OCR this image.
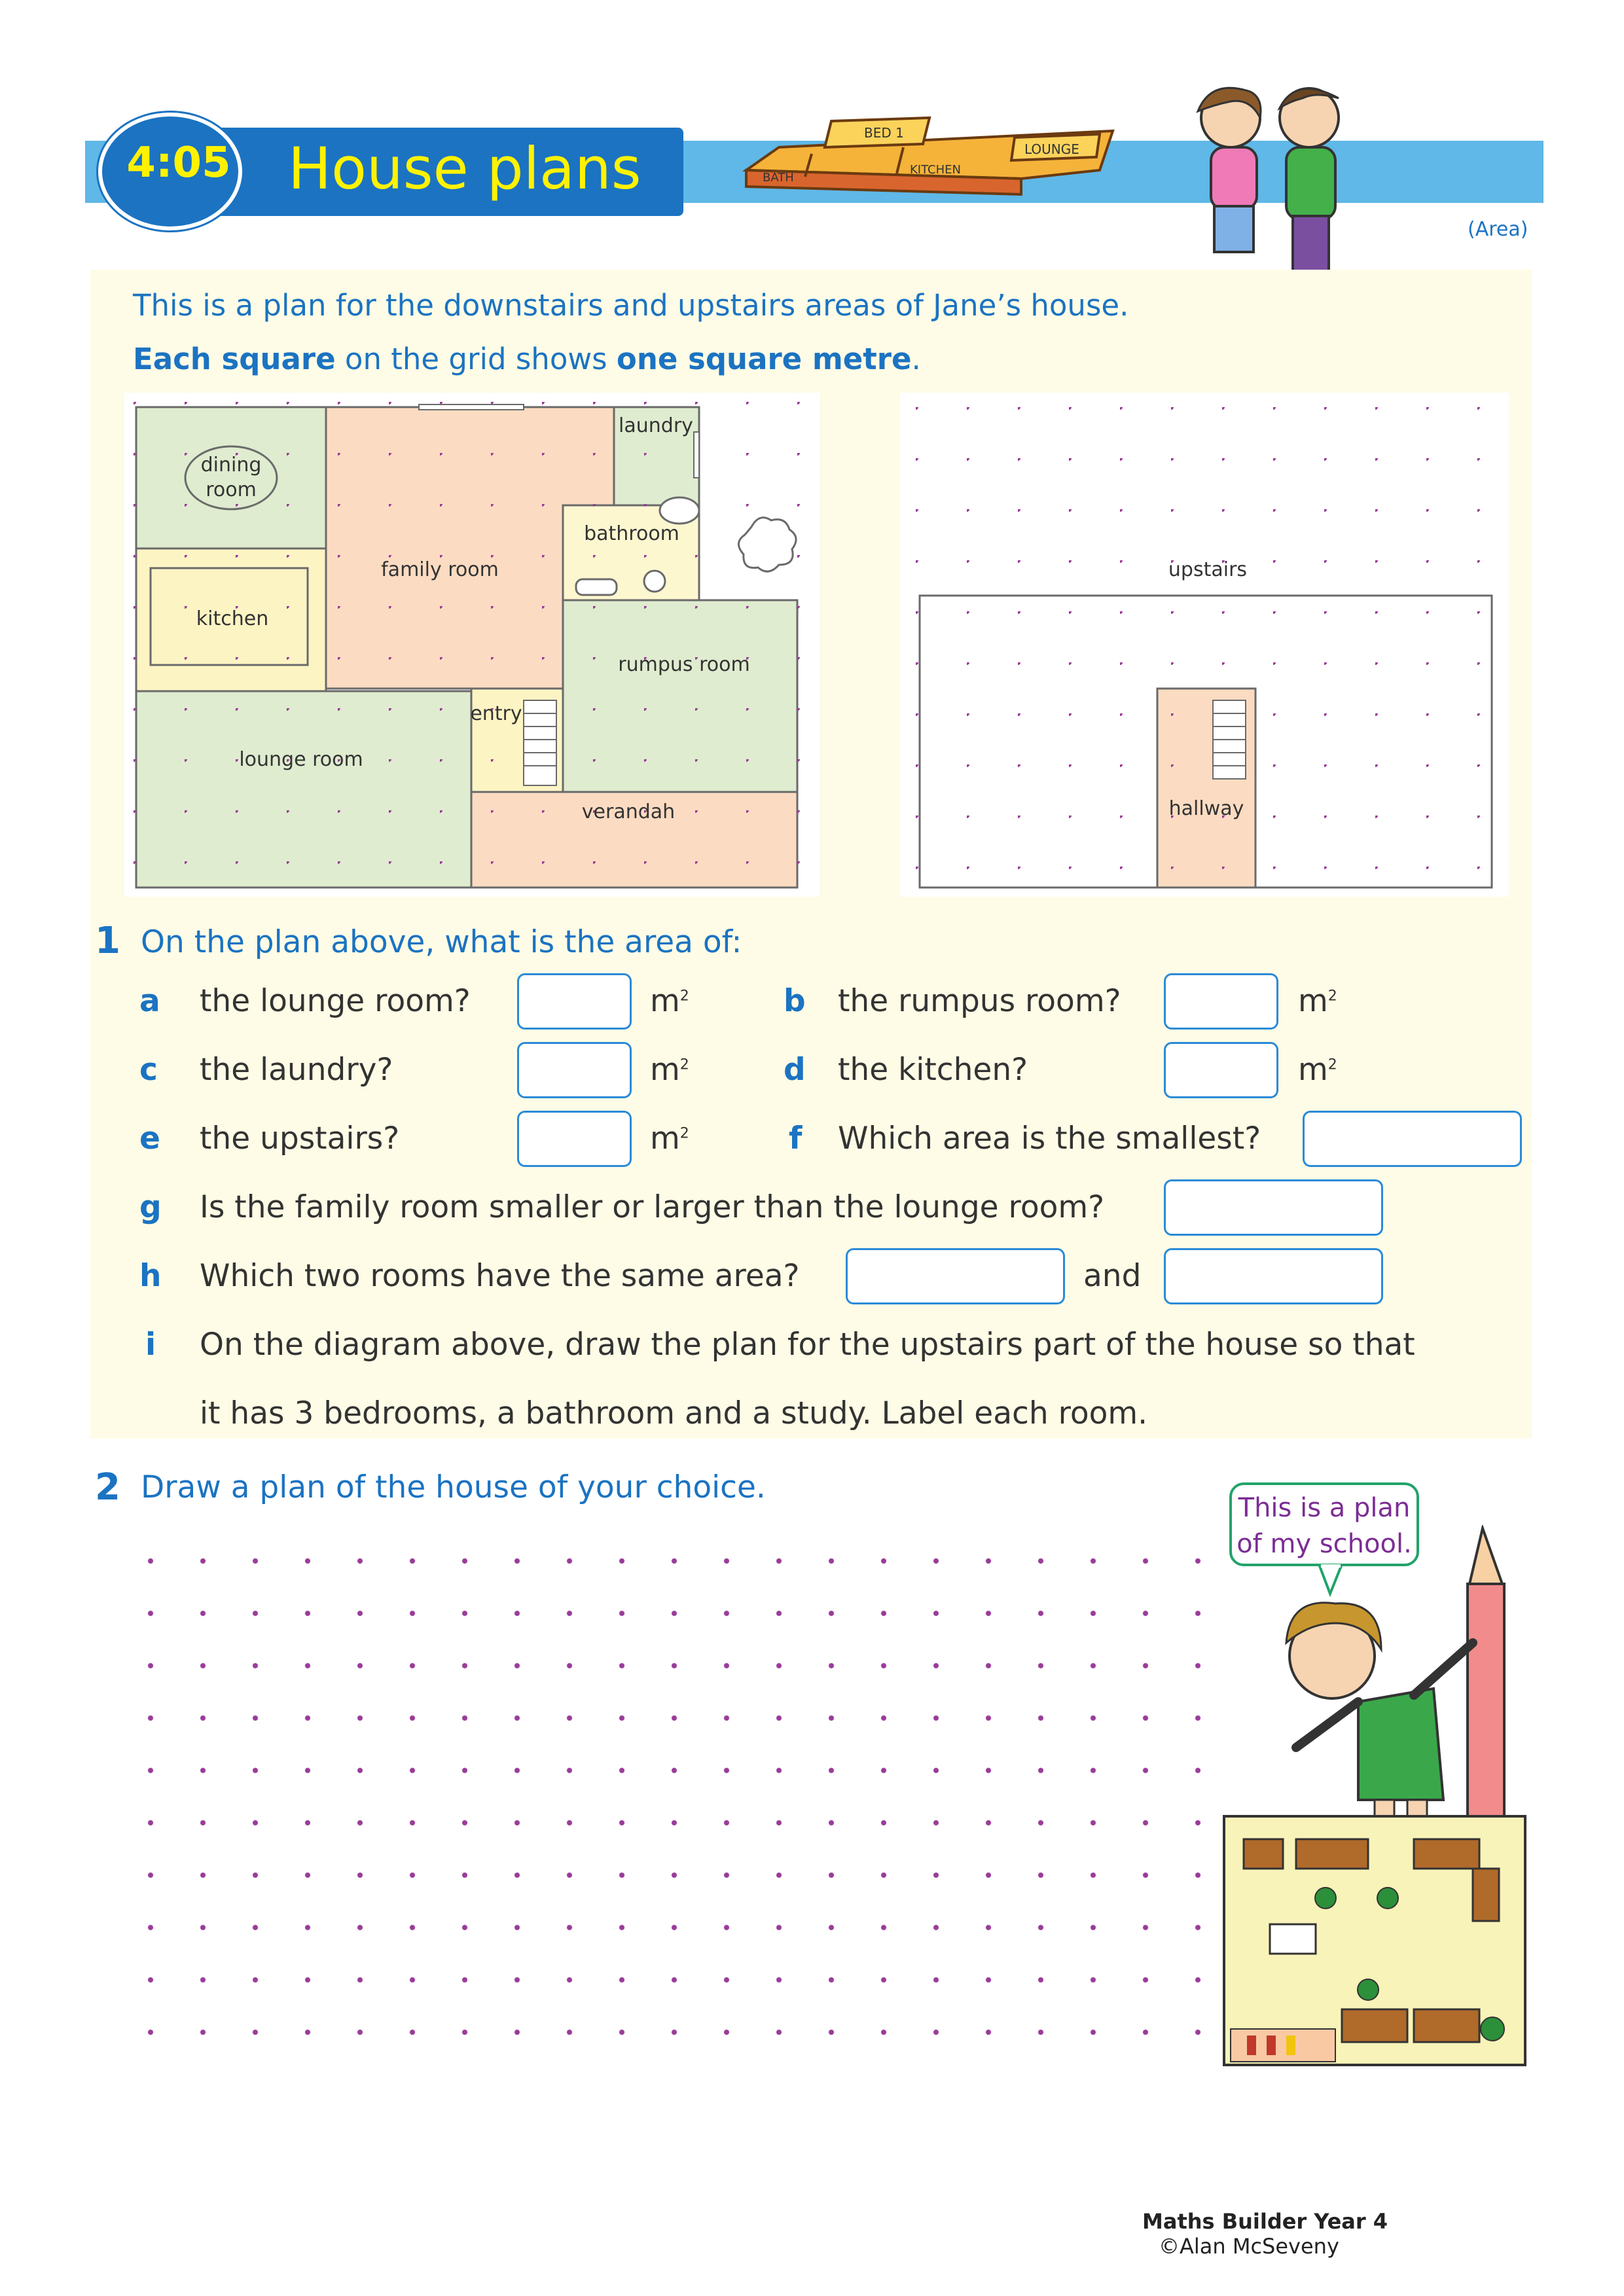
4:05 House plans
(Area)
BED 1
LOUNGE
KITCHEN
BATH
This is a plan for the downstairs and upstairs areas of Jane’s house.
Each square on the grid shows one square metre.
dining
room
laundry
bathroom
family room
kitchen
rumpus room
entry
lounge room
verandah
upstairs
hallway
1 On the plan above, what is the area of:
a the lounge room?	$m^2$	b the rumpus room?	$m^2$
c the laundry?	$m^2$	d the kitchen?	$m^2$
e the upstairs?	$m^2$	f Which area is the smallest?
g Is the family room smaller or larger than the lounge room?
h Which two rooms have the same area?	and
i On the diagram above, draw the plan for the upstairs part of the house so that
it has 3 bedrooms, a bathroom and a study. Label each room.
2 Draw a plan of the house of your choice.
This is a plan
of my school.
Maths Builder Year 4
©Alan McSeveny
